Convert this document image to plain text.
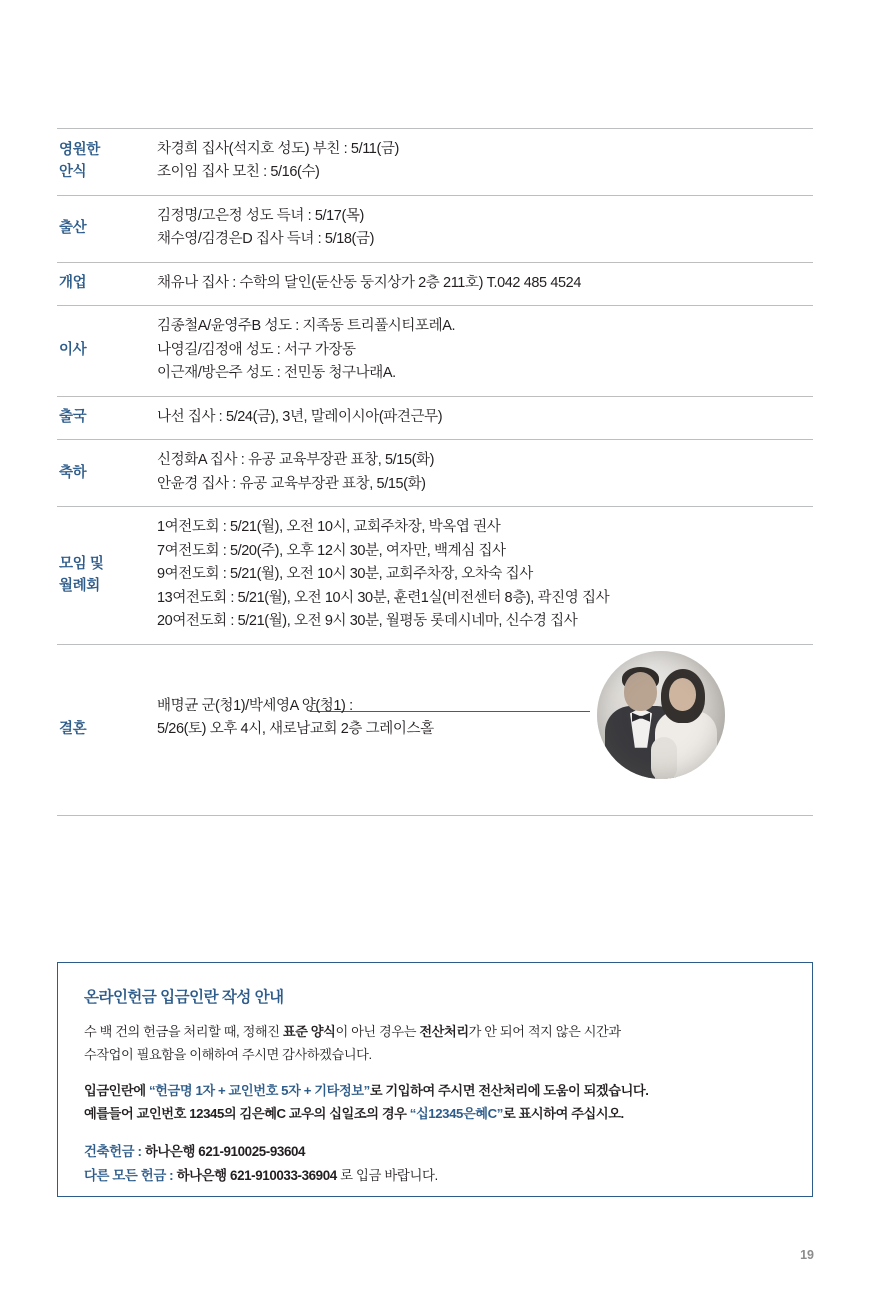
영원한
안식
차경희 집사(석지호 성도) 부친 : 5/11(금)
조이임 집사 모친 : 5/16(수)
출산
김정명/고은정 성도 득녀 : 5/17(목)
채수영/김경은D 집사 득녀 : 5/18(금)
개업	채유나 집사 : 수학의 달인(둔산동 둥지상가 2층 211호) T.042 485 4524
이사
김종철A/윤영주B 성도 : 지족동 트리풀시티포레A.
나영길/김정애 성도 : 서구 가장동
이근재/방은주 성도 : 전민동 청구나래A.
출국	나선 집사 : 5/24(금), 3년, 말레이시아(파견근무)
축하
신정화A 집사 : 유공 교육부장관 표창, 5/15(화)
안윤경 집사 : 유공 교육부장관 표창, 5/15(화)
모임 및
월례회
1여전도회 : 5/21(월), 오전 10시, 교회주차장, 박옥엽 권사
7여전도회 : 5/20(주), 오후 12시 30분, 여자만, 백계심 집사
9여전도회 : 5/21(월), 오전 10시 30분, 교회주차장, 오차숙 집사
13여전도회 : 5/21(월), 오전 10시 30분, 훈련1실(비전센터 8층), 곽진영 집사
20여전도회 : 5/21(월), 오전 9시 30분, 월평동 롯데시네마, 신수경 집사
결혼
배명균 군(청1)/박세영A 양(청1) :
5/26(토) 오후 4시, 새로남교회 2층 그레이스홀
온라인헌금 입금인란 작성 안내
수 백 건의 헌금을 처리할 때, 정해진 표준 양식이 아닌 경우는 전산처리가 안 되어 적지 않은 시간과
수작업이 필요함을 이해하여 주시면 감사하겠습니다.
입금인란에 “헌금명 1자 + 교인번호 5자 + 기타정보”로 기입하여 주시면 전산처리에 도움이 되겠습니다.
예를들어 교인번호 12345의 김은혜C 교우의 십일조의 경우 “십12345은혜C”로 표시하여 주십시오.
건축헌금 : 하나은행 621-910025-93604
다른 모든 헌금 : 하나은행 621-910033-36904 로 입금 바랍니다.
19
